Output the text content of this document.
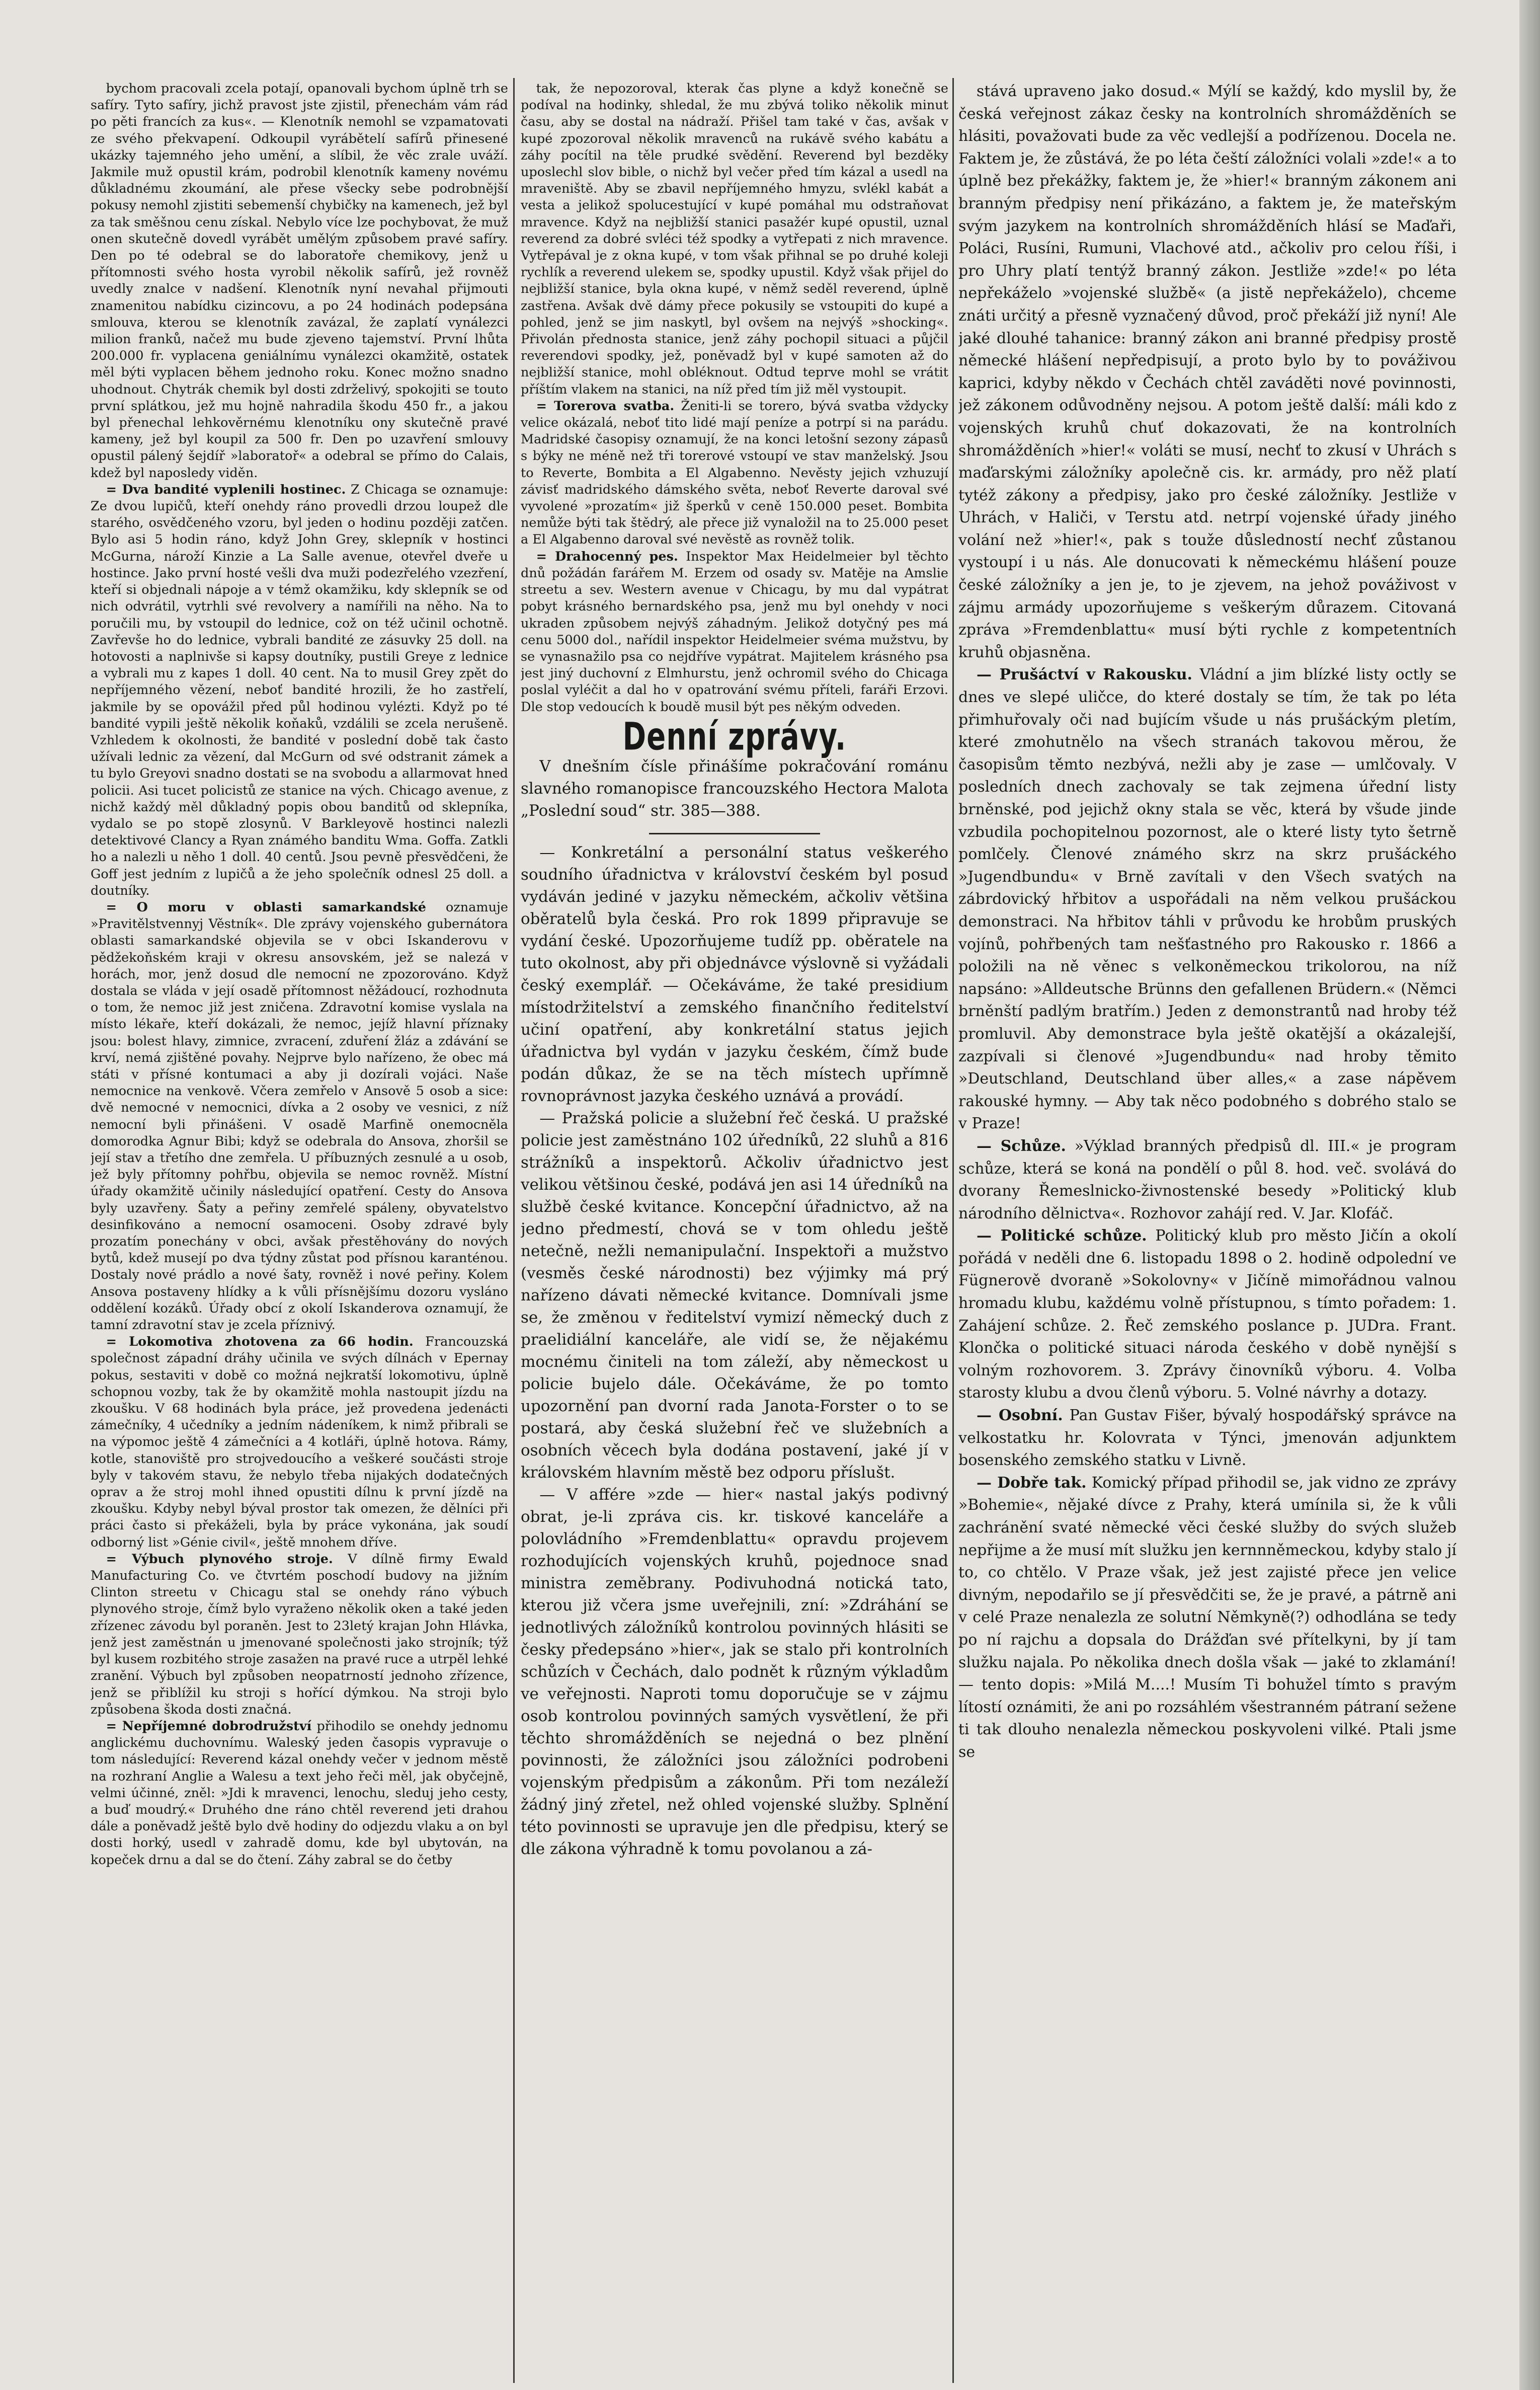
bychom pracovali zcela potají, opanovali bychom úplně trh se safíry. Tyto safíry, jichž pravost jste zjistil, přenechám vám rád po pěti francích za kus«. — Klenotník nemohl se vzpamatovati ze svého překvapení. Odkoupil vyrábětelí safírů přinesené ukázky tajemného jeho umění, a slíbil, že věc zrale uváží. Jakmile muž opustil krám, podrobil klenotník kameny novému důkladnému zkoumání, ale přese všecky sebe podrobnější pokusy nemohl zjistiti sebemenší chybičky na kamenech, jež byl za tak směšnou cenu získal. Nebylo více lze pochybovat, že muž onen skutečně dovedl vyrábět umělým způsobem pravé safíry. Den po té odebral se do laboratoře chemikovy, jenž u přítomnosti svého hosta vyrobil několik safírů, jež rovněž uvedly znalce v nadšení. Klenotník nyní nevahal přijmouti znamenitou nabídku cizincovu, a po 24 hodinách podepsána smlouva, kterou se klenotník zavázal, že zaplatí vynálezci milion franků, načež mu bude zjeveno tajemství. První lhůta 200.000 fr. vyplacena geniálnímu vynálezci okamžitě, ostatek měl býti vyplacen během jednoho roku. Konec možno snadno uhodnout. Chytrák chemik byl dosti zdrželivý, spokojiti se touto první splátkou, jež mu hojně nahradila škodu 450 fr., a jakou byl přenechal lehkověrnému klenotníku ony skutečně pravé kameny, jež byl koupil za 500 fr. Den po uzavření smlouvy opustil pálený šejdíř »laboratoř« a odebral se přímo do Calais, kdež byl naposledy viděn.

= Dva bandité vyplenili hostinec. Z Chicaga se oznamuje: Ze dvou lupičů, kteří onehdy ráno provedli drzou loupež dle starého, osvědčeného vzoru, byl jeden o hodinu později zatčen. Bylo asi 5 hodin ráno, když John Grey, sklepník v hostinci McGurna, nároží Kinzie a La Salle avenue, otevřel dveře u hostince. Jako první hosté vešli dva muži podezřelého vzezření, kteří si objednali nápoje a v témž okamžiku, kdy sklepník se od nich odvrátil, vytrhli své revolvery a namířili na něho. Na to poručili mu, by vstoupil do lednice, což on též učinil ochotně. Zavřevše ho do lednice, vybrali bandité ze zásuvky 25 doll. na hotovosti a naplnivše si kapsy doutníky, pustili Greye z lednice a vybrali mu z kapes 1 doll. 40 cent. Na to musil Grey zpět do nepříjemného vězení, neboť bandité hrozili, že ho zastřelí, jakmile by se opovážil před půl hodinou vylézti. Když po té bandité vypili ještě několik koňaků, vzdálili se zcela nerušeně. Vzhledem k okolnosti, že bandité v poslední době tak často užívali lednic za vězení, dal McGurn od své odstranit zámek a tu bylo Greyovi snadno dostati se na svobodu a allarmovat hned policii. Asi tucet policistů ze stanice na vých. Chicago avenue, z nichž každý měl důkladný popis obou banditů od sklepníka, vydalo se po stopě zlosynů. V Barkleyově hostinci nalezli detektivové Clancy a Ryan známého banditu Wma. Goffa. Zatkli ho a nalezli u něho 1 doll. 40 centů. Jsou pevně přesvědčeni, že Goff jest jedním z lupičů a že jeho společník odnesl 25 doll. a doutníky.

= O moru v oblasti samarkandské oznamuje »Pravitělstvennyj Věstník«. Dle zprávy vojenského gubernátora oblasti samarkandské objevila se v obci Iskanderovu v pědžekoňském kraji v okresu ansovském, jež se nalezá v horách, mor, jenž dosud dle nemocní ne zpozorováno. Když dostala se vláda v její osadě přítomnost něžádoucí, rozhodnuta o tom, že nemoc již jest zničena. Zdravotní komise vyslala na místo lékaře, kteří dokázali, že nemoc, jejíž hlavní příznaky jsou: bolest hlavy, zimnice, zvracení, zduření žláz a zdávání se krví, nemá zjištěné povahy. Nejprve bylo nařízeno, že obec má státi v přísné kontumaci a aby ji dozírali vojáci. Naše nemocnice na venkově. Včera zemřelo v Ansově 5 osob a sice: dvě nemocné v nemocnici, dívka a 2 osoby ve vesnici, z níž nemocní byli přinášeni. V osadě Marfině onemocněla domorodka Agnur Bibi; když se odebrala do Ansova, zhoršil se její stav a třetího dne zemřela. U příbuzných zesnulé a u osob, jež byly přítomny pohřbu, objevila se nemoc rovněž. Místní úřady okamžitě učinily následující opatření. Cesty do Ansova byly uzavřeny. Šaty a peřiny zemřelé spáleny, obyvatelstvo desinfikováno a nemocní osamoceni. Osoby zdravé byly prozatím ponechány v obci, avšak přestěhovány do nových bytů, kdež musejí po dva týdny zůstat pod přísnou karanténou. Dostaly nové prádlo a nové šaty, rovněž i nové peřiny. Kolem Ansova postaveny hlídky a k vůli přísnějšímu dozoru vysláno oddělení kozáků. Úřady obcí z okolí Iskanderova oznamují, že tamní zdravotní stav je zcela příznivý.

= Lokomotiva zhotovena za 66 hodin. Francouzská společnost západní dráhy učinila ve svých dílnách v Epernay pokus, sestaviti v době co možná nejkratší lokomotivu, úplně schopnou vozby, tak že by okamžitě mohla nastoupit jízdu na zkoušku. V 68 hodinách byla práce, jež provedena jedenácti zámečníky, 4 učedníky a jedním nádeníkem, k nimž přibrali se na výpomoc ještě 4 zámečníci a 4 kotláři, úplně hotova. Rámy, kotle, stanoviště pro strojvedoucího a veškeré součásti stroje byly v takovém stavu, že nebylo třeba nijakých dodatečných oprav a že stroj mohl ihned opustiti dílnu k první jízdě na zkoušku. Kdyby nebyl býval prostor tak omezen, že dělníci při práci často si překáželi, byla by práce vykonána, jak soudí odborný list »Génie civil«, ještě mnohem dříve.

= Výbuch plynového stroje. V dílně firmy Ewald Manufacturing Co. ve čtvrtém poschodí budovy na jižním Clinton streetu v Chicagu stal se onehdy ráno výbuch plynového stroje, čímž bylo vyraženo několik oken a také jeden zřízenec závodu byl poraněn. Jest to 23letý krajan John Hlávka, jenž jest zaměstnán u jmenované společnosti jako strojník; týž byl kusem rozbitého stroje zasažen na pravé ruce a utrpěl lehké zranění. Výbuch byl způsoben neopatrností jednoho zřízence, jenž se přiblížil ku stroji s hořící dýmkou. Na stroji bylo způsobena škoda dosti značná.

= Nepříjemné dobrodružství přihodilo se onehdy jednomu anglickému duchovnímu. Waleský jeden časopis vypravuje o tom následující: Reverend kázal onehdy večer v jednom městě na rozhraní Anglie a Walesu a text jeho řeči měl, jak obyčejně, velmi účinné, zněl: »Jdi k mravenci, lenochu, sleduj jeho cesty, a buď moudrý.« Druhého dne ráno chtěl reverend jeti drahou dále a poněvadž ještě bylo dvě hodiny do odjezdu vlaku a on byl dosti horký, usedl v zahradě domu, kde byl ubytován, na kopeček drnu a dal se do čtení. Záhy zabral se do četby

tak, že nepozoroval, kterak čas plyne a když konečně se podíval na hodinky, shledal, že mu zbývá toliko několik minut času, aby se dostal na nádraží. Přišel tam také v čas, avšak v kupé zpozoroval několik mravenců na rukávě svého kabátu a záhy pocítil na těle prudké svědění. Reverend byl bezděky uposlechl slov bible, o nichž byl večer před tím kázal a usedl na mraveniště. Aby se zbavil nepříjemného hmyzu, svlékl kabát a vesta a jelikož spolucestující v kupé pomáhal mu odstraňovat mravence. Když na nejbližší stanici pasažér kupé opustil, uznal reverend za dobré svléci též spodky a vytřepati z nich mravence. Vytřepával je z okna kupé, v tom však přihnal se po druhé koleji rychlík a reverend ulekem se, spodky upustil. Když však přijel do nejbližší stanice, byla okna kupé, v němž seděl reverend, úplně zastřena. Avšak dvě dámy přece pokusily se vstoupiti do kupé a pohled, jenž se jim naskytl, byl ovšem na nejvýš »shocking«. Přivolán přednosta stanice, jenž záhy pochopil situaci a půjčil reverendovi spodky, jež, poněvadž byl v kupé samoten až do nejbližší stanice, mohl obléknout. Odtud teprve mohl se vrátit příštím vlakem na stanici, na níž před tím již měl vystoupit.

= Torerova svatba. Ženiti-li se torero, bývá svatba vždycky velice okázalá, neboť tito lidé mají peníze a potrpí si na parádu. Madridské časopisy oznamují, že na konci letošní sezony zápasů s býky ne méně než tři torerové vstoupí ve stav manželský. Jsou to Reverte, Bombita a El Algabenno. Nevěsty jejich vzhuzují závisť madridského dámského světa, neboť Reverte daroval své vyvolené »prozatím« již šperků v ceně 150.000 peset. Bombita nemůže býti tak štědrý, ale přece již vynaložil na to 25.000 peset a El Algabenno daroval své nevěstě as rovněž tolik.

= Drahocenný pes. Inspektor Max Heidelmeier byl těchto dnů požádán farářem M. Erzem od osady sv. Matěje na Amslie streetu a sev. Western avenue v Chicagu, by mu dal vypátrat pobyt krásného bernardského psa, jenž mu byl onehdy v noci ukraden způsobem nejvýš záhadným. Jelikož dotyčný pes má cenu 5000 dol., nařídil inspektor Heidelmeier svéma mužstvu, by se vynasnažilo psa co nejdříve vypátrat. Majitelem krásného psa jest jiný duchovní z Elmhurstu, jenž ochromil svého do Chicaga poslal vyléčit a dal ho v opatrování svému příteli, faráři Erzovi. Dle stop vedoucích k boudě musil být pes někým odveden.

Denní zprávy.

V dnešním čísle přinášíme pokračování románu slavného romanopisce francouzského Hectora Malota „Poslední soud“ str. 385—388.

— Konkretální a personální status veškerého soudního úřadnictva v království českém byl posud vydáván jediné v jazyku německém, ačkoliv většina oběratelů byla česká. Pro rok 1899 připravuje se vydání české. Upozorňujeme tudíž pp. oběratele na tuto okolnost, aby při objednávce výslovně si vyžádali český exemplář. — Očekáváme, že také presidium místodržitelství a zemského finančního ředitelství učiní opatření, aby konkretální status jejich úřadnictva byl vydán v jazyku českém, čímž bude podán důkaz, že se na těch místech upřímně rovnoprávnost jazyka českého uznává a provádí.

— Pražská policie a služební řeč česká. U pražské policie jest zaměstnáno 102 úředníků, 22 sluhů a 816 strážníků a inspektorů. Ačkoliv úřadnictvo jest velikou většinou české, podává jen asi 14 úředníků na službě české kvitance. Koncepční úřadnictvo, až na jedno předmestí, chová se v tom ohledu ještě netečně, nežli nemanipulační. Inspektoři a mužstvo (vesměs české národnosti) bez výjimky má prý nařízeno dávati německé kvitance. Domnívali jsme se, že změnou v ředitelství vymizí německý duch z praelidiální kanceláře, ale vidí se, že nějakému mocnému činiteli na tom záleží, aby německost u policie bujelo dále. Očekáváme, že po tomto upozornění pan dvorní rada Janota-Forster o to se postará, aby česká služební řeč ve služebních a osobních věcech byla dodána postavení, jaké jí v královském hlavním městě bez odporu příslušt.

— V affére »zde — hier« nastal jakýs podivný obrat, je-li zpráva cis. kr. tiskové kanceláře a polovládního »Fremdenblattu« opravdu projevem rozhodujících vojenských kruhů, pojednoce snad ministra zeměbrany. Podivuhodná notická tato, kterou již včera jsme uveřejnili, zní: »Zdráhání se jednotlivých záložníků kontrolou povinných hlásiti se česky předepsáno »hier«, jak se stalo při kontrolních schůzích v Čechách, dalo podnět k různým výkladům ve veřejnosti. Naproti tomu doporučuje se v zájmu osob kontrolou povinných samých vysvětlení, že při těchto shromážděních se nejedná o bez plnění povinnosti, že záložníci jsou záložníci podrobeni vojenským předpisům a zákonům. Při tom nezáleží žádný jiný zřetel, než ohled vojenské služby. Splnění této povinnosti se upravuje jen dle předpisu, který se dle zákona výhradně k tomu povolanou a zá-

stává upraveno jako dosud.« Mýlí se každý, kdo myslil by, že česká veřejnost zákaz česky na kontrolních shromážděních se hlásiti, považovati bude za věc vedlejší a podřízenou. Docela ne. Faktem je, že zůstává, že po léta čeští záložníci volali »zde!« a to úplně bez překážky, faktem je, že »hier!« branným zákonem ani branným předpisy není přikázáno, a faktem je, že mateřským svým jazykem na kontrolních shromážděních hlásí se Maďaři, Poláci, Rusíni, Rumuni, Vlachové atd., ačkoliv pro celou říši, i pro Uhry platí tentýž branný zákon. Jestliže »zde!« po léta nepřekáželo »vojenské službě« (a jistě nepřekáželo), chceme znáti určitý a přesně vyznačený důvod, proč překáží již nyní! Ale jaké dlouhé tahanice: branný zákon ani branné předpisy prostě německé hlášení nepředpisují, a proto bylo by to pováživou kaprici, kdyby někdo v Čechách chtěl zaváděti nové povinnosti, jež zákonem odůvodněny nejsou. A potom ještě další: máli kdo z vojenských kruhů chuť dokazovati, že na kontrolních shromážděních »hier!« voláti se musí, nechť to zkusí v Uhrách s maďarskými záložníky apolečně cis. kr. armády, pro něž platí tytéž zákony a předpisy, jako pro české záložníky. Jestliže v Uhrách, v Haliči, v Terstu atd. netrpí vojenské úřady jiného volání než »hier!«, pak s touže důsledností nechť zůstanou vystoupí i u nás. Ale donucovati k německému hlášení pouze české záložníky a jen je, to je zjevem, na jehož pováživost v zájmu armády upozorňujeme s veškerým důrazem. Citovaná zpráva »Fremdenblattu« musí býti rychle z kompetentních kruhů objasněna.

— Prušáctví v Rakousku. Vládní a jim blízké listy octly se dnes ve slepé uličce, do které dostaly se tím, že tak po léta přimhuřovaly oči nad bujícím všude u nás prušáckým pletím, které zmohutnělo na všech stranách takovou měrou, že časopisům těmto nezbývá, nežli aby je zase — umlčovaly. V posledních dnech zachovaly se tak zejmena úřední listy brněnské, pod jejichž okny stala se věc, která by všude jinde vzbudila pochopitelnou pozornost, ale o které listy tyto šetrně pomlčely. Členové známého skrz na skrz prušáckého »Jugendbundu« v Brně zavítali v den Všech svatých na zábrdovický hřbitov a uspořádali na něm velkou prušáckou demonstraci. Na hřbitov táhli v průvodu ke hrobům pruských vojínů, pohřbených tam nešťastného pro Rakousko r. 1866 a položili na ně věnec s velkoněmeckou trikolorou, na níž napsáno: »Alldeutsche Brünns den gefallenen Brüdern.« (Němci brněnští padlým bratřím.) Jeden z demonstrantů nad hroby též promluvil. Aby demonstrace byla ještě okatější a okázalejší, zazpívali si členové »Jugendbundu« nad hroby těmito »Deutschland, Deutschland über alles,« a zase nápěvem rakouské hymny. — Aby tak něco podobného s dobrého stalo se v Praze!

— Schůze. »Výklad branných předpisů dl. III.« je program schůze, která se koná na pondělí o půl 8. hod. več. svolává do dvorany Řemeslnicko-živnostenské besedy »Politický klub národního dělnictva«. Rozhovor zahájí red. V. Jar. Klofáč.

— Politické schůze. Politický klub pro město Jičín a okolí pořádá v neděli dne 6. listopadu 1898 o 2. hodině odpolední ve Fügnerově dvoraně »Sokolovny« v Jičíně mimořádnou valnou hromadu klubu, každému volně přístupnou, s tímto pořadem: 1. Zahájení schůze. 2. Řeč zemského poslance p. JUDra. Frant. Klončka o politické situaci národa českého v době nynější s volným rozhovorem. 3. Zprávy činovníků výboru. 4. Volba starosty klubu a dvou členů výboru. 5. Volné návrhy a dotazy.

— Osobní. Pan Gustav Fišer, bývalý hospodářský správce na velkostatku hr. Kolovrata v Týnci, jmenován adjunktem bosenského zemského statku v Livně.

— Dobře tak. Komický případ přihodil se, jak vidno ze zprávy »Bohemie«, nějaké dívce z Prahy, která umínila si, že k vůli zachránění svaté německé věci české služby do svých služeb nepřijme a že musí mít služku jen kernnněmeckou, kdyby stalo jí to, co chtělo. V Praze však, jež jest zajisté přece jen velice divným, nepodařilo se jí přesvědčiti se, že je pravé, a pátrně ani v celé Praze nenalezla ze solutní Němkyně(?) odhodlána se tedy po ní rajchu a dopsala do Drážďan své přítelkyni, by jí tam služku najala. Po několika dnech došla však — jaké to zklamání! — tento dopis: »Milá M....! Musím Ti bohužel tímto s pravým lítostí oznámiti, že ani po rozsáhlém všestranném pátraní sežene ti tak dlouho nenalezla německou poskyvoleni vilké. Ptali jsme se
